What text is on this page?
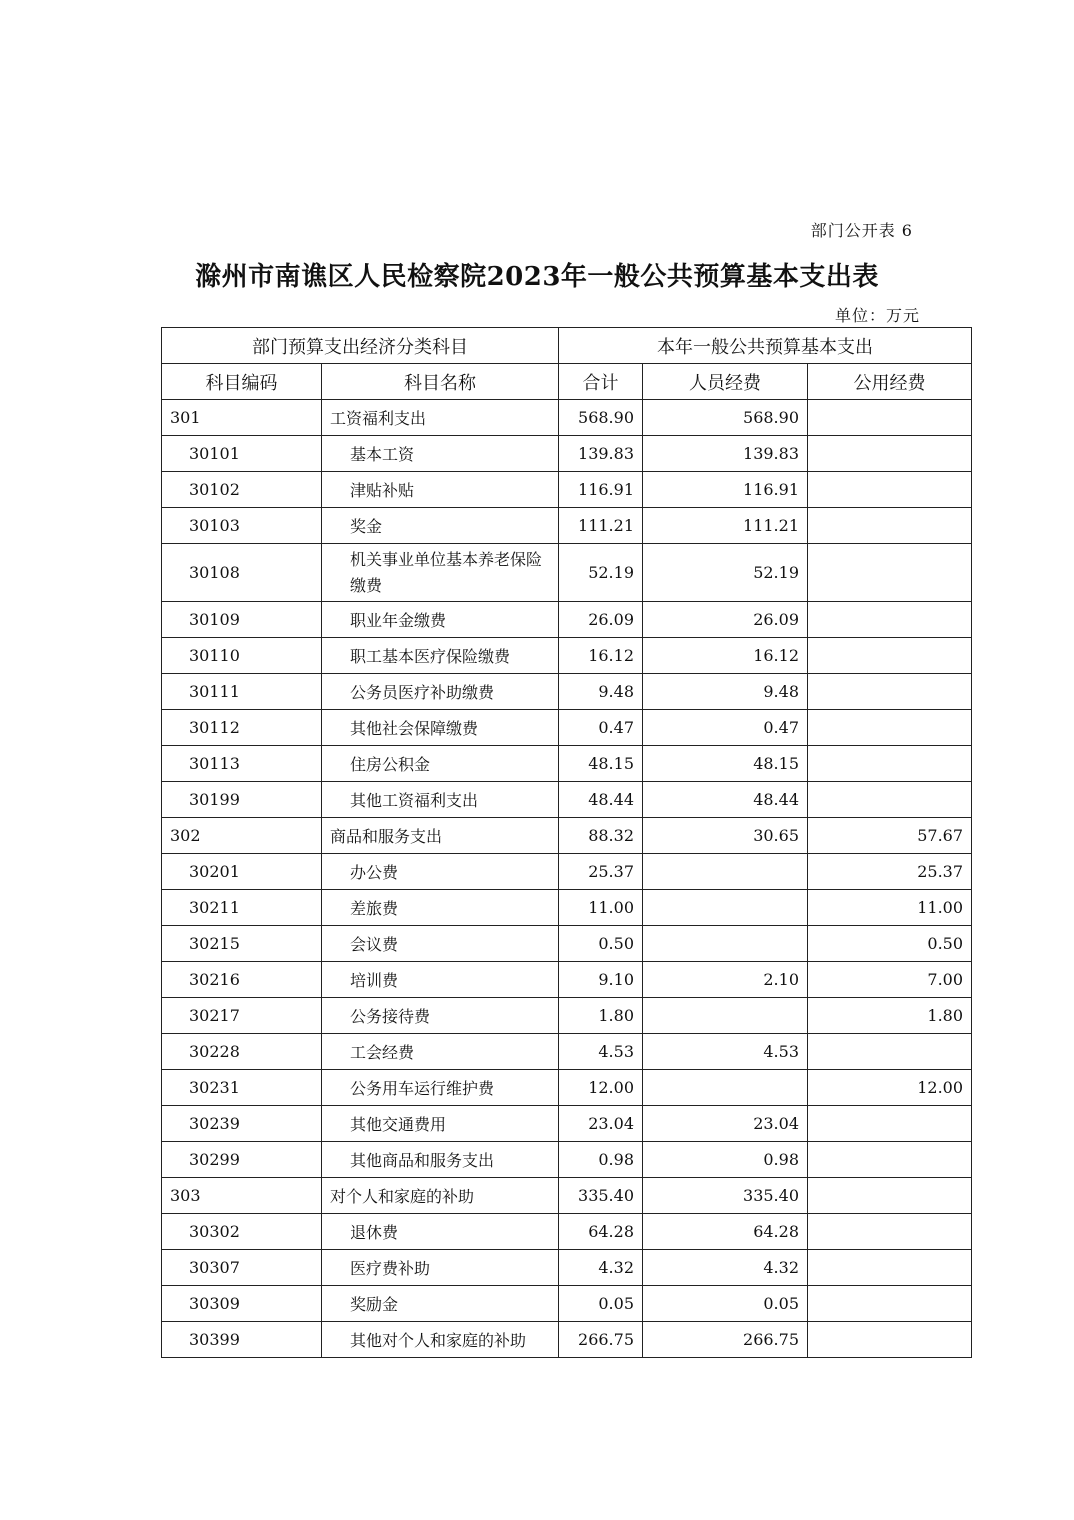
部门公开表 6
滁州市南谯区人民检察院2023年一般公共预算基本支出表
单位：万元
部门预算支出经济分类科目		本年一般公共预算基本支出		
科目编码	科目名称	合计	人员经费	公用经费
301	工资福利支出	568.90	568.90	
30101	基本工资	139.83	139.83	
30102	津贴补贴	116.91	116.91	
30103	奖金	111.21	111.21	
30108	机关事业单位基本养老保险缴费	52.19	52.19	
30109	职业年金缴费	26.09	26.09	
30110	职工基本医疗保险缴费	16.12	16.12	
30111	公务员医疗补助缴费	9.48	9.48	
30112	其他社会保障缴费	0.47	0.47	
30113	住房公积金	48.15	48.15	
30199	其他工资福利支出	48.44	48.44	
302	商品和服务支出	88.32	30.65	57.67
30201	办公费	25.37		25.37
30211	差旅费	11.00		11.00
30215	会议费	0.50		0.50
30216	培训费	9.10	2.10	7.00
30217	公务接待费	1.80		1.80
30228	工会经费	4.53	4.53	
30231	公务用车运行维护费	12.00		12.00
30239	其他交通费用	23.04	23.04	
30299	其他商品和服务支出	0.98	0.98	
303	对个人和家庭的补助	335.40	335.40	
30302	退休费	64.28	64.28	
30307	医疗费补助	4.32	4.32	
30309	奖励金	0.05	0.05	
30399	其他对个人和家庭的补助	266.75	266.75	
